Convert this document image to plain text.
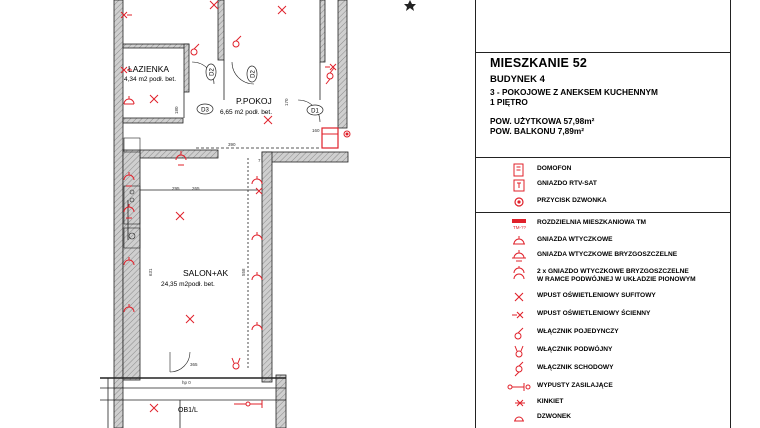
ŁAZIENKA
4,34 m2 podł. bet.
P.POKOJ
6,65 m2 podł. bet.
SALON+AK
24,35 m2podł. bet.
D2	D2
D3	D1
265
180
390
295
631	558
365
hp 0
160
170
7
OB1/L
MIESZKANIE 52
BUDYNEK 4
3 - POKOJOWE Z ANEKSEM KUCHENNYM
1 PIĘTRO
POW. UŻYTKOWA 57,98m²
POW. BALKONU 7,89m²
DOMOFON
GNIAZDO RTV-SAT
PRZYCISK DZWONKA
TM-??
ROZDZIELNIA MIESZKANIOWA TM
GNIAZDA WTYCZKOWE
GNIAZDA WTYCZKOWE BRYZGOSZCZELNE
2 x GNIAZDO WTYCZKOWE BRYZGOSZCZELNE
W RAMCE PODWÓJNEJ W UKŁADZIE PIONOWYM
WPUST OŚWIETLENIOWY SUFITOWY
WPUST OŚWIETLENIOWY ŚCIENNY
WŁĄCZNIK POJEDYNCZY
WŁĄCZNIK PODWÓJNY
WŁĄCZNIK SCHODOWY
WYPUSTY ZASILAJĄCE
KINKIET
DZWONEK
